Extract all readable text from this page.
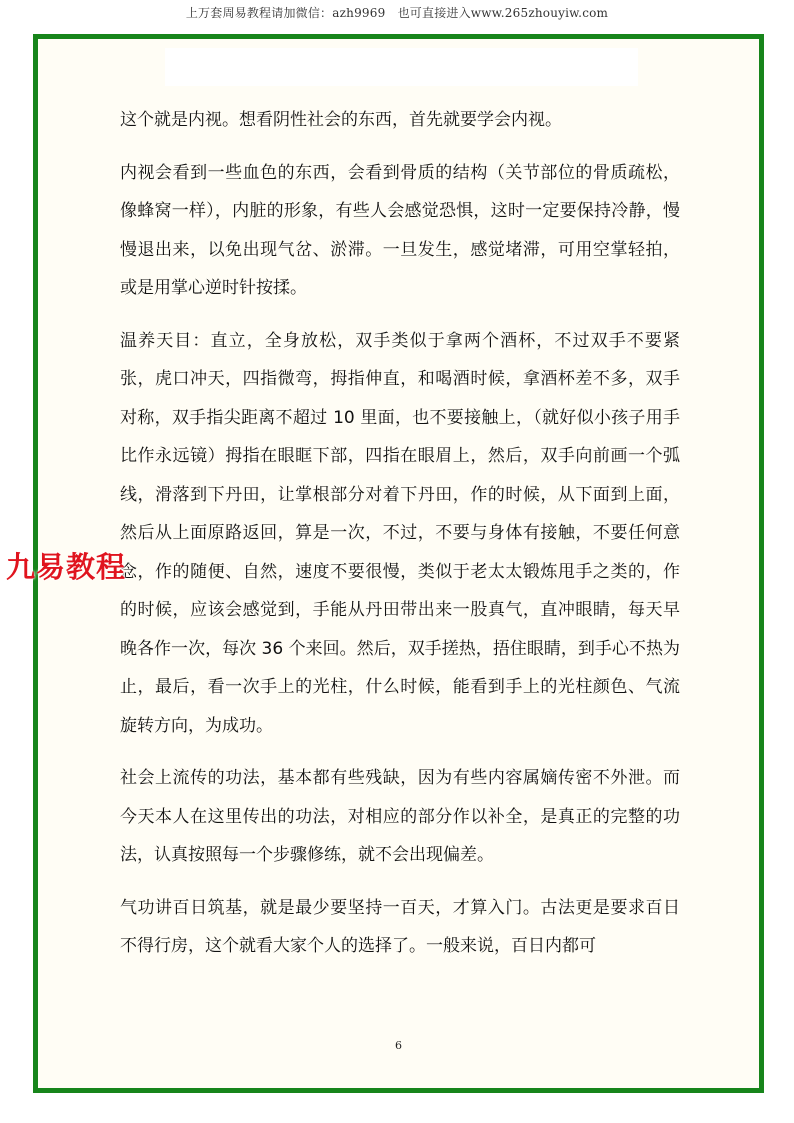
上万套周易教程请加微信：azh9969　也可直接进入www.265zhouyiw.com

这个就是内视。想看阴性社会的东西，首先就要学会内视。

内视会看到一些血色的东西，会看到骨质的结构（关节部位的骨质疏松，像蜂窝一样），内脏的形象，有些人会感觉恐惧，这时一定要保持冷静，慢慢退出来，以免出现气岔、淤滞。一旦发生，感觉堵滞，可用空掌轻拍，或是用掌心逆时针按揉。

温养天目：直立，全身放松，双手类似于拿两个酒杯，不过双手不要紧张，虎口冲天，四指微弯，拇指伸直，和喝酒时候，拿酒杯差不多，双手对称，双手指尖距离不超过 10 里面，也不要接触上，（就好似小孩子用手比作永远镜）拇指在眼眶下部，四指在眼眉上，然后，双手向前画一个弧线，滑落到下丹田，让掌根部分对着下丹田，作的时候，从下面到上面，然后从上面原路返回，算是一次，不过，不要与身体有接触，不要任何意念，作的随便、自然，速度不要很慢，类似于老太太锻炼甩手之类的，作的时候，应该会感觉到，手能从丹田带出来一股真气，直冲眼睛，每天早晚各作一次，每次 36 个来回。然后，双手搓热，捂住眼睛，到手心不热为止，最后，看一次手上的光柱，什么时候，能看到手上的光柱颜色、气流旋转方向，为成功。

社会上流传的功法，基本都有些残缺，因为有些内容属嫡传密不外泄。而今天本人在这里传出的功法，对相应的部分作以补全，是真正的完整的功法，认真按照每一个步骤修练，就不会出现偏差。

气功讲百日筑基，就是最少要坚持一百天，才算入门。古法更是要求百日不得行房，这个就看大家个人的选择了。一般来说，百日内都可

6
九易教程
